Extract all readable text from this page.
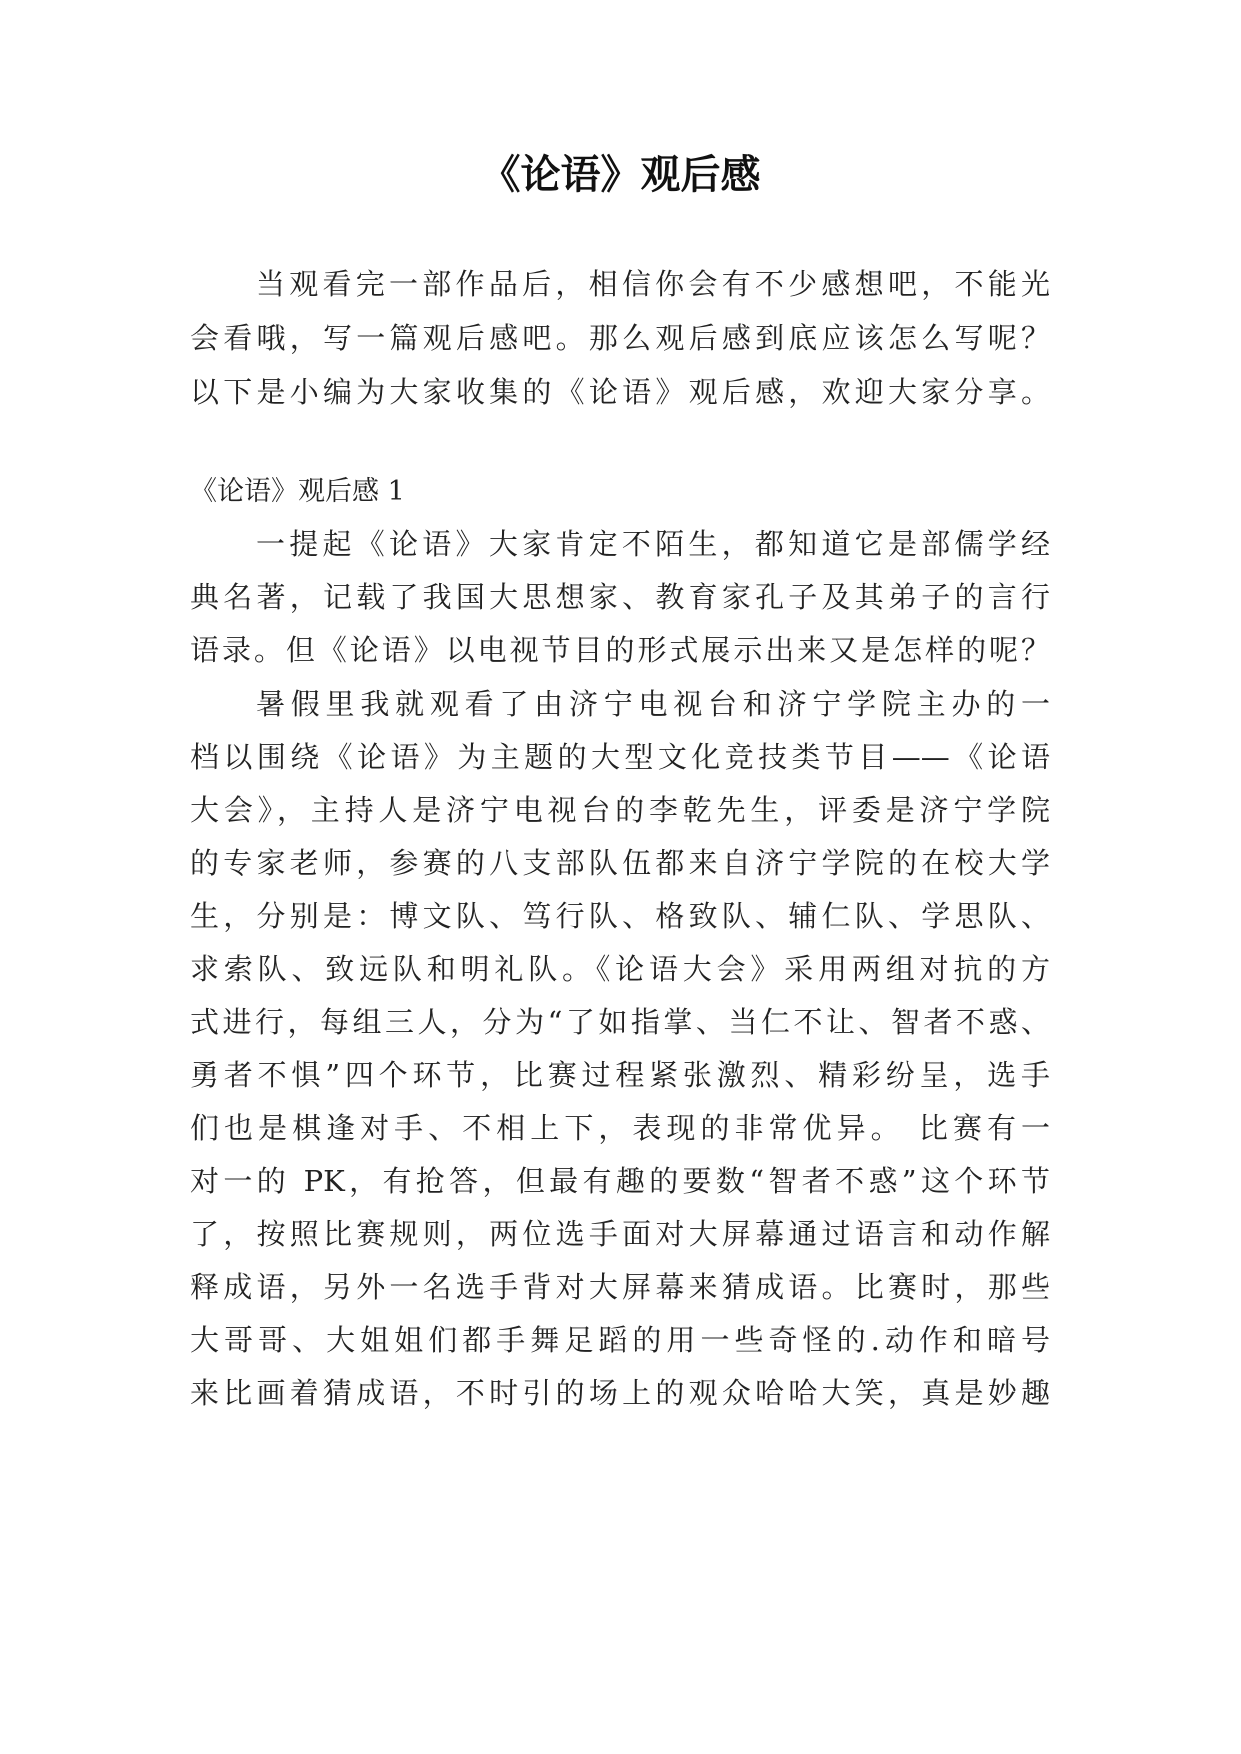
《论语》观后感

当观看完一部作品后，相信你会有不少感想吧，不能光

会看哦，写一篇观后感吧。那么观后感到底应该怎么写呢？

以下是小编为大家收集的《论语》观后感，欢迎大家分享。

《论语》观后感 1

一提起《论语》大家肯定不陌生，都知道它是部儒学经

典名著，记载了我国大思想家、教育家孔子及其弟子的言行

语录。但《论语》以电视节目的形式展示出来又是怎样的呢？

暑假里我就观看了由济宁电视台和济宁学院主办的一

档以围绕《论语》为主题的大型文化竞技类节目——《论语

大会》，主持人是济宁电视台的李乾先生，评委是济宁学院

的专家老师，参赛的八支部队伍都来自济宁学院的在校大学

生，分别是：博文队、笃行队、格致队、辅仁队、学思队、

求索队、致远队和明礼队。《论语大会》采用两组对抗的方

式进行，每组三人，分为“了如指掌、当仁不让、智者不惑、

勇者不惧”四个环节，比赛过程紧张激烈、精彩纷呈，选手

们也是棋逢对手、不相上下，表现的非常优异。 比赛有一

对一的 PK，有抢答，但最有趣的要数“智者不惑”这个环节

了，按照比赛规则，两位选手面对大屏幕通过语言和动作解

释成语，另外一名选手背对大屏幕来猜成语。比赛时，那些

大哥哥、大姐姐们都手舞足蹈的用一些奇怪的.动作和暗号

来比画着猜成语，不时引的场上的观众哈哈大笑，真是妙趣
